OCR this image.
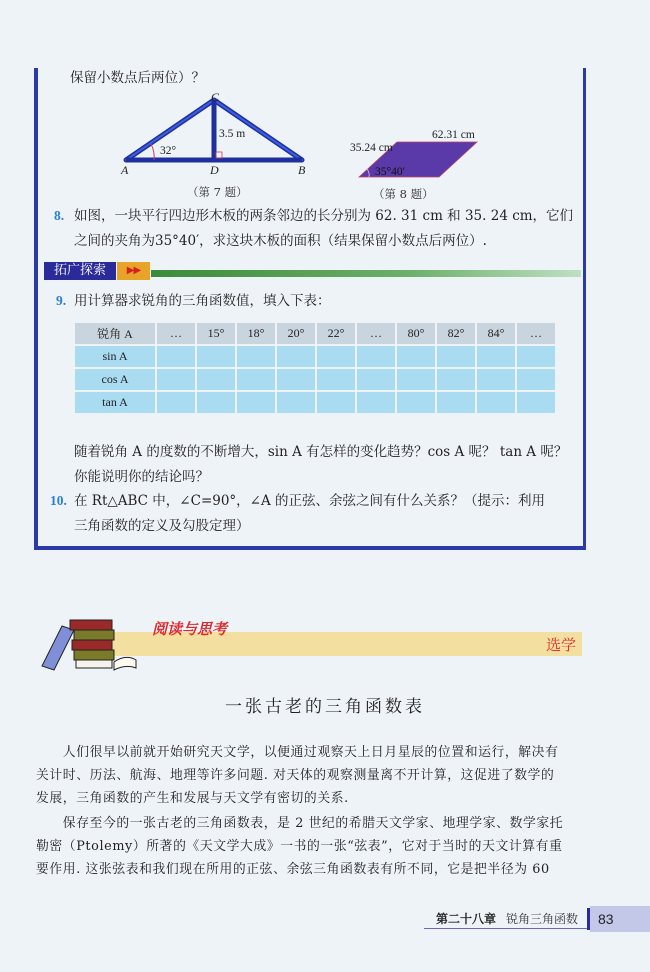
保留小数点后两位）？
C
3.5 m
32°
A	D	B
（第 7 题）
62.31 cm
35.24 cm
35°40′
（第 8 题）
8. 如图，一块平行四边形木板的两条邻边的长分别为 62. 31 cm 和 35. 24 cm，它们
之间的夹角为35°40′，求这块木板的面积（结果保留小数点后两位）.
拓广探索	▶▶
9. 用计算器求锐角的三角函数值，填入下表：
锐角 A	…	15°	18°	20°	22°	…	80°	82°	84°	…
sin A										
cos A										
tan A										
随着锐角 A 的度数的不断增大，sin A 有怎样的变化趋势？cos A 呢？ tan A 呢？
你能说明你的结论吗？
10. 在 Rt△ABC 中，∠C=90°，∠A 的正弦、余弦之间有什么关系？（提示：利用
三角函数的定义及勾股定理）
阅读与思考
选学
一张古老的三角函数表
　　人们很早以前就开始研究天文学，以便通过观察天上日月星辰的位置和运行，解决有
关计时、历法、航海、地理等许多问题. 对天体的观察测量离不开计算，这促进了数学的
发展，三角函数的产生和发展与天文学有密切的关系.
　　保存至今的一张古老的三角函数表，是 2 世纪的希腊天文学家、地理学家、数学家托
勒密（Ptolemy）所著的《天文学大成》一书的一张“弦表”，它对于当时的天文计算有重
要作用. 这张弦表和我们现在所用的正弦、余弦三角函数表有所不同，它是把半径为 60
第二十八章 锐角三角函数	83
